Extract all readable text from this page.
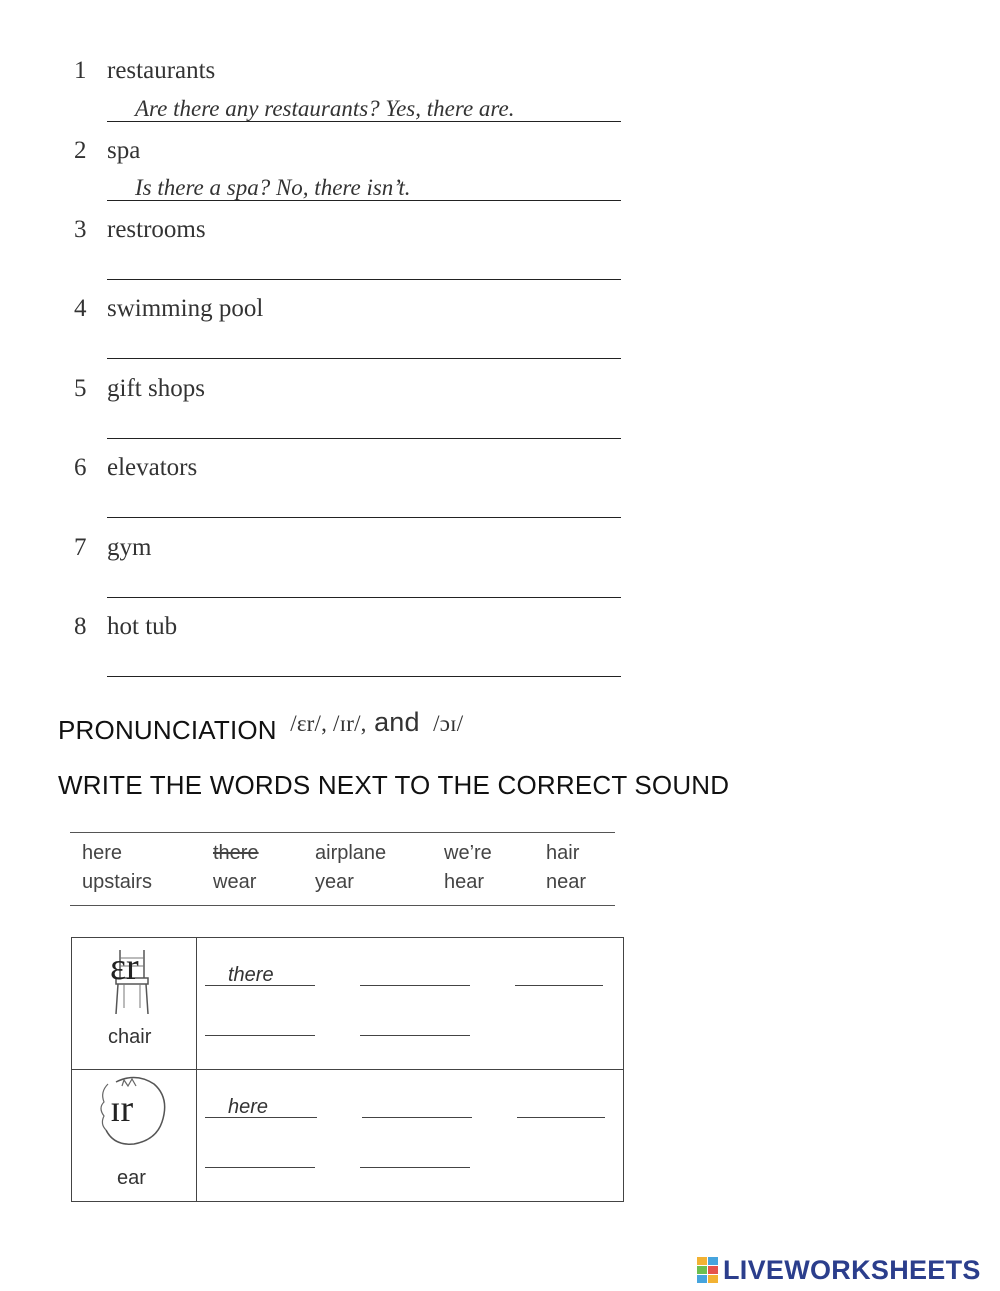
1 restaurants
Are there any restaurants? Yes, there are.
2 spa
Is there a spa? No, there isn’t.
3 restrooms
4 swimming pool
5 gift shops
6 elevators
7 gym
8 hot tub
PRONUNCIATION /ɛr/, /ɪr/, and /ɔɪ/
WRITE THE WORDS NEXT TO THE CORRECT SOUND
here	there	airplane	we’re	hair
upstairs	wear	year	hear	near
ɛr
chair
there
ɪr
ear
here
LIVEWORKSHEETS
